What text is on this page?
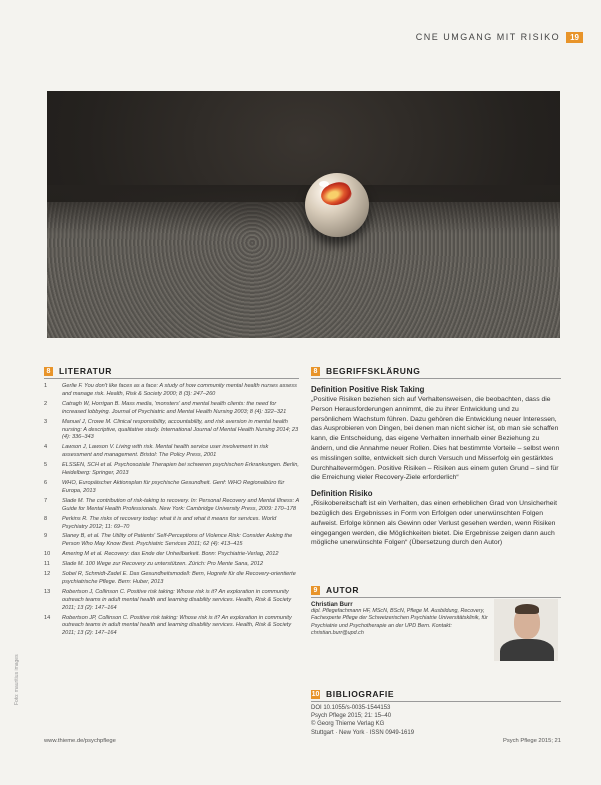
CNE UMGANG MIT RISIKO	19
8 LITERATUR
1	Gerlie F. You don't like faces as a face: A study of how community mental health nurses assess and manage risk. Health, Risk & Society 2000; 8 (3): 247–260
2	Catragh W, Horrigan B. Mass media, 'monsters' and mental health clients: the need for increased lobbying. Journal of Psychiatric and Mental Health Nursing 2003; 8 (4): 322–321
3	Manuel J, Crowe M. Clinical responsibility, accountability, and risk aversion in mental health nursing: A descriptive, qualitative study. International Journal of Mental Health Nursing 2014; 23 (4): 336–343
4	Lawson J, Lawson V. Living with risk. Mental health service user involvement in risk assessment and management. Bristol: The Policy Press, 2001
5	ELSSEN, SCH et al. Psychosoziale Therapien bei schweren psychischen Erkrankungen. Berlin, Heidelberg: Springer, 2013
6	WHO, Europäischer Aktionsplan für psychische Gesundheit. Genf: WHO Regionalbüro für Europa, 2013
7	Slade M. The contribution of risk-taking to recovery. In: Personal Recovery and Mental Illness: A Guide for Mental Health Professionals. New York: Cambridge University Press, 2009: 170–178
8	Perkins R. The risks of recovery today: what it is and what it means for services. World Psychiatry 2012; 11: 69–70
9	Slaney B, et al. The Utility of Patients' Self-Perceptions of Violence Risk: Consider Asking the Person Who May Know Best. Psychiatric Services 2011; 62 (4): 413–415
10	Amering M et al. Recovery: das Ende der Unheilbarkeit. Bonn: Psychiatrie-Verlag, 2012
11	Slade M. 100 Wege zur Recovery zu unterstützen. Zürich: Pro Mente Sana, 2012
12	Sobel R, Schmidt-Zadel E. Das Gesundheitsmodell: Bern, Hogrefe für die Recovery-orientierte psychiatrische Pflege. Bern: Huber, 2013
13	Robertson J, Collinson C. Positive risk taking: Whose risk is it? An exploration in community outreach teams in adult mental health and learning disability services. Health, Risk & Society 2011; 13 (2): 147–164
14	Robertson JP, Collinson C. Positive risk taking: Whose risk is it? An exploration in community outreach teams in adult mental health and learning disability services. Health, Risk & Society 2011; 13 (2): 147–164
8 BEGRIFFSKLÄRUNG
Definition Positive Risk Taking
„Positive Risiken beziehen sich auf Verhaltensweisen, die beobachten, dass die Person Herausforderungen annimmt, die zu ihrer Entwicklung und zu persönlichem Wachstum führen. Dazu gehören die Entwicklung neuer Interessen, das Ausprobieren von Dingen, bei denen man nicht sicher ist, ob man sie schaffen kann, die Entscheidung, das eigene Verhalten innerhalb einer Beziehung zu ändern, und die Annahme neuer Rollen. Dies hat bestimmte Vorteile – selbst wenn es misslingen sollte, entwickelt sich durch Versuch und Misserfolg ein gestärktes Durchhaltevermögen. Positive Risiken – Risiken aus einem guten Grund – sind für die Erreichung vieler Recovery-Ziele erforderlich“
Definition Risiko
„Risikobereitschaft ist ein Verhalten, das einen erheblichen Grad von Unsicherheit bezüglich des Ergebnisses in Form von Erfolgen oder unerwünschten Folgen aufweist. Erfolge können als Gewinn oder Verlust gesehen werden, wenn Risiken eingegangen werden, die Möglichkeiten bietet. Die Ergebnisse zeigen dann auch mögliche unerwünschte Folgen“ (Übersetzung durch den Autor)
9 AUTOR
Christian Burr
dipl. Pflegefachmann HF, MScN, BScN, Pflege M. Ausbildung, Recovery, Fachexperte Pflege der Schweizerischen Psychiatrie Universitätsklinik, für Psychiatrie und Psychotherapie an der UPD Bern. Kontakt: christian.burr@upd.ch
10 BIBLIOGRAFIE
DOI 10.1055/s-0035-1544153
Psych Pflege 2015; 21: 15–40
© Georg Thieme Verlag KG
Stuttgart · New York · ISSN 0949-1619
www.thieme.de/psychpflege	Psych Pflege 2015; 21
Foto: mauritius images
